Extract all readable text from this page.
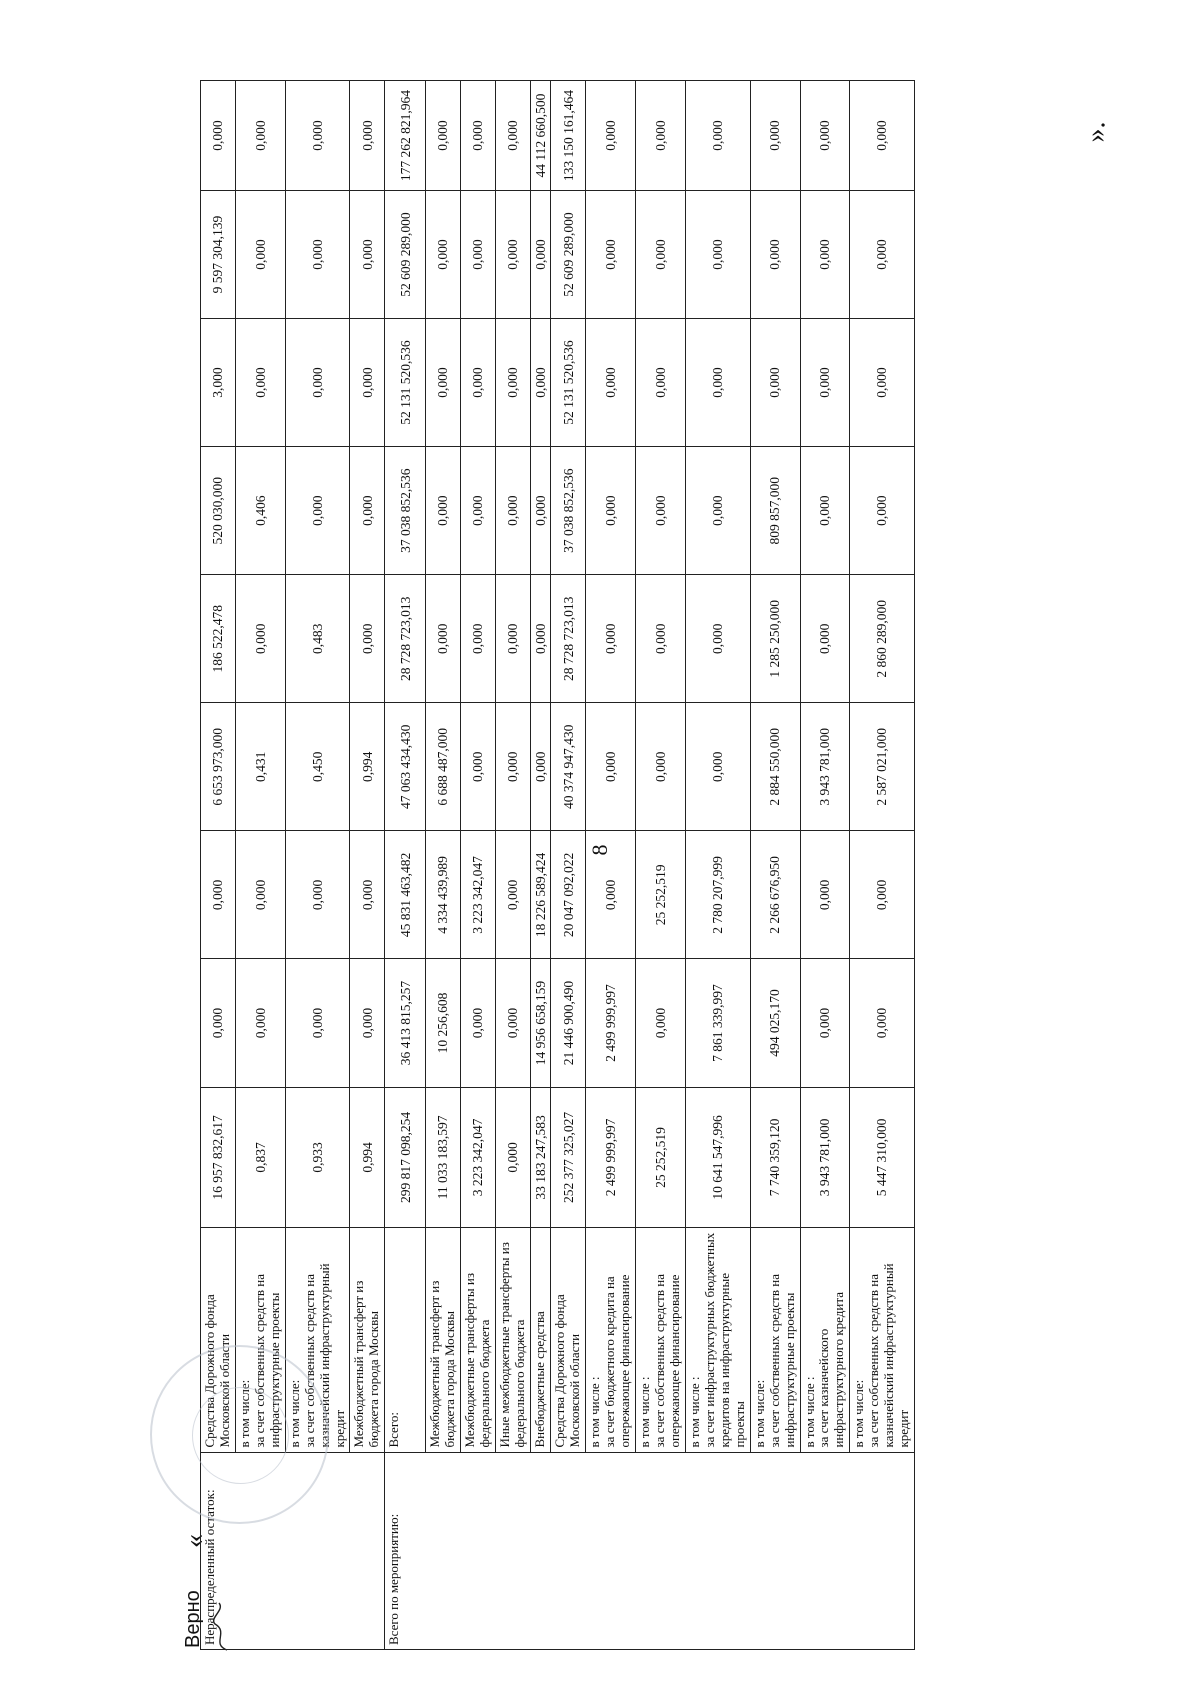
8
«
».
Нераспределенный остаток:	Средства Дорожного фонда Московской области	16 957 832,617	0,000	0,000	6 653 973,000	186 522,478	520 030,000	3,000	9 597 304,139	0,000

	в том числе: за счет собственных средств на инфраструктурные проекты	0,837	0,000	0,000	0,431	0,000	0,406	0,000	0,000	0,000

	в том числе: за счет собственных средств на казначейский инфраструктурный кредит	0,933	0,000	0,000	0,450	0,483	0,000	0,000	0,000	0,000
	Межбюджетный трансферт из бюджета города Москвы	0,994	0,000	0,000	0,994	0,000	0,000	0,000	0,000	0,000
Всего по мероприятию:	Всего:	299 817 098,254	36 413 815,257	45 831 463,482	47 063 434,430	28 728 723,013	37 038 852,536	52 131 520,536	52 609 289,000	177 262 821,964
	Межбюджетный трансферт из бюджета города Москвы	11 033 183,597	10 256,608	4 334 439,989	6 688 487,000	0,000	0,000	0,000	0,000	0,000
	Межбюджетные трансферты из федерального бюджета	3 223 342,047	0,000	3 223 342,047	0,000	0,000	0,000	0,000	0,000	0,000
	Иные межбюджетные трансферты из федерального бюджета	0,000	0,000	0,000	0,000	0,000	0,000	0,000	0,000	0,000
	Внебюджетные средства	33 183 247,583	14 956 658,159	18 226 589,424	0,000	0,000	0,000	0,000	0,000	44 112 660,500
	Средства Дорожного фонда Московской области	252 377 325,027	21 446 900,490	20 047 092,022	40 374 947,430	28 728 723,013	37 038 852,536	52 131 520,536	52 609 289,000	133 150 161,464

	в том числе : за счет бюджетного кредита на опережающее финансирование	2 499 999,997	2 499 999,997	0,000	0,000	0,000	0,000	0,000	0,000	0,000

	в том числе : за счет собственных средств на опережающее финансирование	25 252,519	0,000	25 252,519	0,000	0,000	0,000	0,000	0,000	0,000

	в том числе : за счет инфраструктурных бюджетных кредитов на инфраструктурные проекты	10 641 547,996	7 861 339,997	2 780 207,999	0,000	0,000	0,000	0,000	0,000	0,000

	в том числе: за счет собственных средств на инфраструктурные проекты	7 740 359,120	494 025,170	2 266 676,950	2 884 550,000	1 285 250,000	809 857,000	0,000	0,000	0,000

	в том числе : за счет казначейского инфраструктурного кредита	3 943 781,000	0,000	0,000	3 943 781,000	0,000	0,000	0,000	0,000	0,000

	в том числе: за счет собственных средств на казначейский инфраструктурный кредит	5 447 310,000	0,000	0,000	2 587 021,000	2 860 289,000	0,000	0,000	0,000	0,000
Верно
